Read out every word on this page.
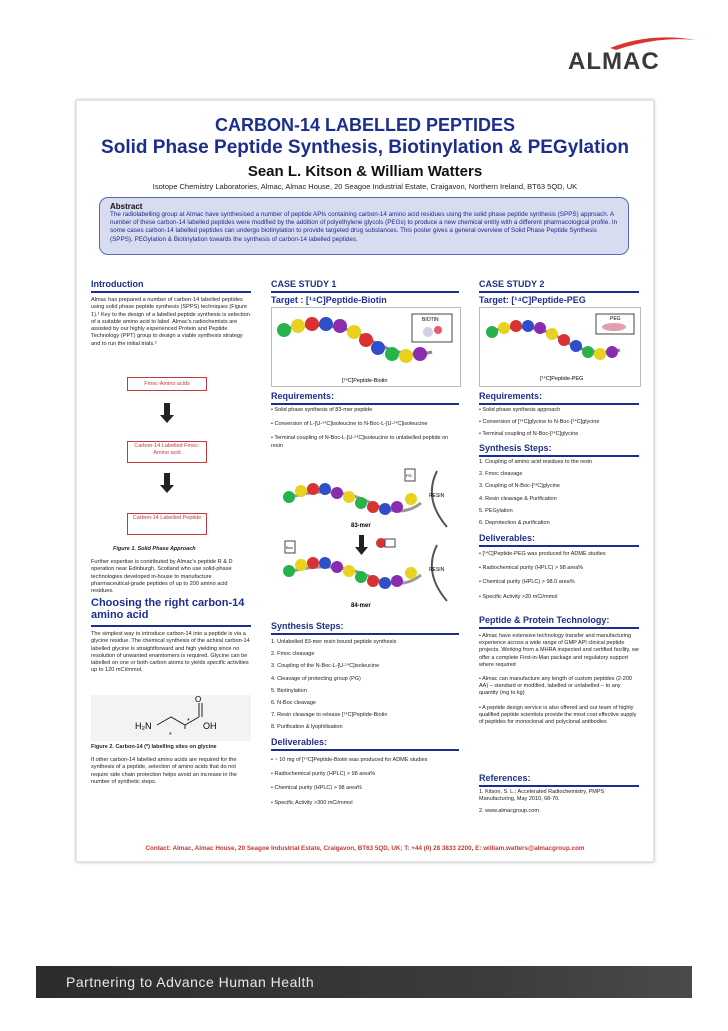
ALMAC
CARBON-14 LABELLED PEPTIDES
Solid Phase Peptide Synthesis, Biotinylation & PEGylation
Sean L. Kitson & William Watters
Isotope Chemistry Laboratories, Almac, Almac House, 20 Seagoe Industrial Estate, Craigavon, Northern Ireland, BT63 5QD, UK
Abstract
The radiolabelling group at Almac have synthesised a number of peptide APIs containing carbon-14 amino acid residues using the solid phase peptide synthesis (SPPS) approach. A number of these carbon-14 labelled peptides were modified by the addition of polyethylene glycols (PEGs) to produce a new chemical entity with a different pharmacological profile. In some cases carbon-14 labelled peptides can undergo biotinylation to provide targeted drug substances. This poster gives a general overview of Solid Phase Peptide Synthesis (SPPS), PEGylation & Biotinylation towards the synthesis of carbon-14 labelled peptides.
Introduction
Almac has prepared a number of carbon-14 labelled peptides using solid phase peptide synthesis (SPPS) techniques (Figure 1).¹ Key to the design of a labelled peptide synthesis is selection of a suitable amino acid to label. Almac's radiochemists are assisted by our highly experienced Protein and Peptide Technology (PPT) group to design a viable synthesis strategy and to run the initial trials.²
Fmoc-Amino acids
Carbon-14 Labelled Fmoc-Amino acid
Carbon-14 Labelled Peptide
Figure 1. Solid Phase Approach
Further expertise is contributed by Almac's peptide R & D operation near Edinburgh, Scotland who use solid-phase technologies developed in-house to manufacture pharmaceutical-grade peptides of up to 200 amino acid residues.
Choosing the right carbon-14 amino acid
The simplest way to introduce carbon-14 into a peptide is via a glycine residue. The chemical synthesis of the achiral carbon-14 labelled glycine is straightforward and high yielding since no resolution of unwanted enantiomers is required. Glycine can be labelled on one or both carbon atoms to yields specific activities up to 120 mCi/mmol.
H₂N
O
OH
*
*
Figure 2. Carbon-14 (*) labelling sites on glycine
If other carbon-14 labelled amino acids are required for the synthesis of a peptide, selection of amino acids that do not require side chain protection helps avoid an increase in the number of synthetic steps.
CASE STUDY 1
Target : [¹⁴C]Peptide-Biotin
BIOTIN
[¹⁴C]Peptide-Biotin
Requirements:
• Solid phase synthesis of 83-mer peptide
• Conversion of L-[U-¹⁴C]isoleucine to N-Boc-L-[U-¹⁴C]isoleucine
• Terminal coupling of N-Boc-L-[U-¹⁴C]isoleucine to unlabelled peptide on resin
PG
RESIN
83-mer
Boc
RESIN
84-mer
Synthesis Steps:
1. Unlabelled 83-mer resin bound peptide synthesis
2. Fmoc cleavage
3. Coupling of the N-Boc-L-[U-¹⁴C]isoleucine
4. Cleavage of protecting group (PG)
5. Biotinylation
6. N-Boc cleavage
7. Resin cleavage to release [¹⁴C]Peptide-Biotin
8. Purification & lyophilisation
Deliverables:
• ~ 10 mg of [¹⁴C]Peptide-Biotin was produced for ADME studies
• Radiochemical purity (HPLC) > 98 area%
• Chemical purity (HPLC) > 98 area%
• Specific Activity >300 mCi/mmol
CASE STUDY 2
Target: [¹⁴C]Peptide-PEG
PEG
[¹⁴C]Peptide-PEG
Requirements:
• Solid phase synthesis approach
• Conversion of [¹⁴C]glycine to N-Boc-[¹⁴C]glycine
• Terminal coupling of N-Boc-[¹⁴C]glycine
Synthesis Steps:
1. Coupling of amino acid residues to the resin
2. Fmoc cleavage
3. Coupling of N-Boc-[¹⁴C]glycine
4. Resin cleavage & Purification
5. PEGylation
6. Deprotection & purification
Deliverables:
• [¹⁴C]Peptide-PEG was produced for ADME studies
• Radiochemical purity (HPLC) > 98 area%
• Chemical purity (HPLC) > 98.0 area%
• Specific Activity >20 mCi/mmol
Peptide & Protein Technology:
• Almac have extensive technology transfer and manufacturing experience across a wide range of GMP API clinical peptide projects. Working from a MHRA inspected and certified facility, we offer a complete First-in-Man package and regulatory support where required
• Almac can manufacture any length of custom peptides (2-200 AA) – standard or modified, labelled or unlabelled – to any quantity (mg to kg)
• A peptide design service is also offered and our team of highly qualified peptide scientists provide the most cost effective supply of peptides for monoclonal and polyclonal antibodies
References:
1. Kitson, S. L.; Accelerated Radiochemistry, PMPS Manufacturing, May 2010, 68-70.
2. www.almacgroup.com
Contact: Almac, Almac House, 20 Seagoe Industrial Estate, Craigavon, BT63 5QD, UK; T: +44 (0) 28 3833 2200, E: william.watters@almacgroup.com
Partnering to Advance Human Health
